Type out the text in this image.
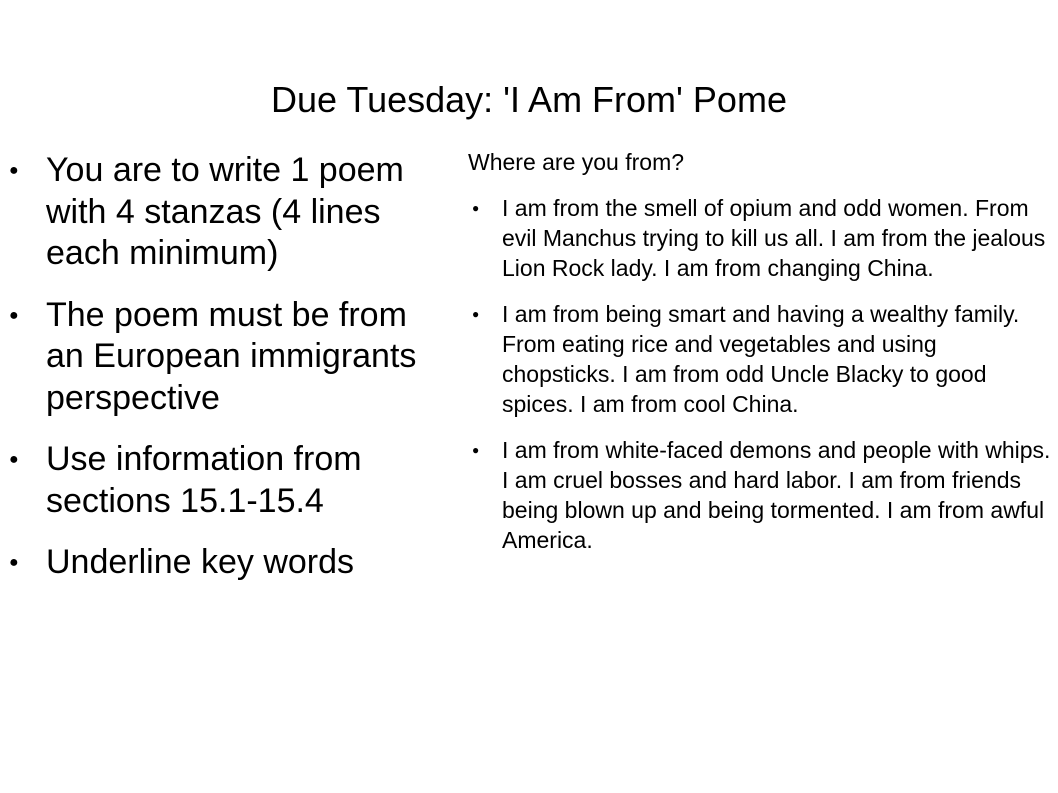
Due Tuesday: 'I Am From' Pome
● You are to write 1 poem with 4 stanzas (4 lines each minimum)
● The poem must be from an European immigrants perspective
● Use information from sections 15.1-15.4
● Underline key words
Where are you from?
● I am from the smell of opium and odd women. From evil Manchus trying to kill us all. I am from the jealous Lion Rock lady. I am from changing China.
● I am from being smart and having a wealthy family. From eating rice and vegetables and using chopsticks. I am from odd Uncle Blacky to good spices. I am from cool China.
● I am from white-faced demons and people with whips. I am cruel bosses and hard labor. I am from friends being blown up and being tormented. I am from awful America.
